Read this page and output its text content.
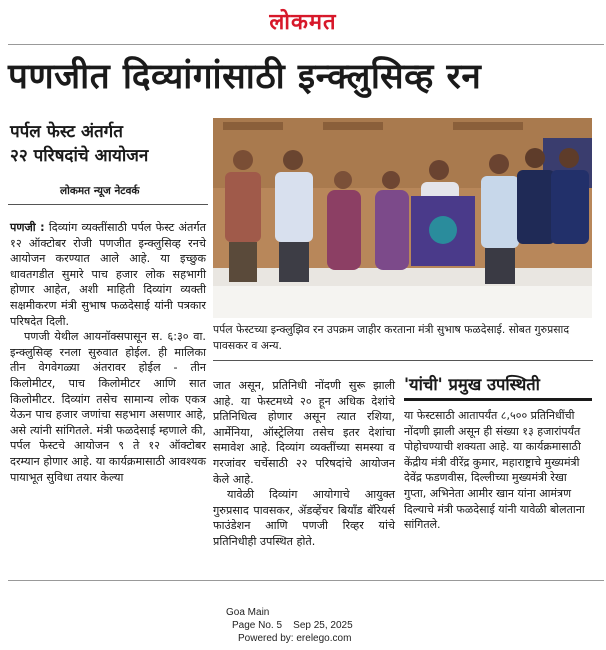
लोकमत
पणजीत दिव्यांगांसाठी इन्क्लुसिव्ह रन
पर्पल फेस्ट अंतर्गत
२२ परिषदांचे आयोजन
लोकमत न्यूज नेटवर्क

पणजी : दिव्यांग व्यक्तींसाठी पर्पल फेस्ट अंतर्गत १२ ऑक्टोबर रोजी पणजीत इन्क्लुसिव्ह रनचे आयोजन करण्यात आले आहे. या इच्छुक धावतगडीत सुमारे पाच हजार लोक सहभागी होणार आहेत, अशी माहिती दिव्यांग व्यक्ती सक्षमीकरण मंत्री सुभाष फळदेसाई यांनी पत्रकार परिषदेत दिली.

पणजी येथील आयनॉक्सपासून स. ६:३० वा. इन्क्लुसिव्ह रनला सुरुवात होईल. ही मालिका तीन वेगवेगळ्या अंतरावर होईल - तीन किलोमीटर, पाच किलोमीटर आणि सात किलोमीटर. दिव्यांग तसेच सामान्य लोक एकत्र येऊन पाच हजार जणांचा सहभाग असणार आहे, असे त्यांनी सांगितले. मंत्री फळदेसाई म्हणाले की, पर्पल फेस्टचे आयोजन ९ ते १२ ऑक्टोबर दरम्यान होणार आहे. या कार्यक्रमासाठी आवश्यक पायाभूत सुविधा तयार केल्या

पर्पल फेस्टच्या इन्क्लुझिव रन उपक्रम जाहीर करताना मंत्री सुभाष फळदेसाई. सोबत गुरुप्रसाद पावसकर व अन्य.

जात असून, प्रतिनिधी नोंदणी सुरू झाली आहे. या फेस्टमध्ये २० हून अधिक देशांचे प्रतिनिधित्व होणार असून त्यात रशिया, आर्मेनिया, ऑस्ट्रेलिया तसेच इतर देशांचा समावेश आहे. दिव्यांग व्यक्तींच्या समस्या व गरजांवर चर्चेसाठी २२ परिषदांचे आयोजन केले आहे.

यावेळी दिव्यांग आयोगाचे आयुक्त गुरुप्रसाद पावसकर, ॲडव्हेंचर बियॉंड बॅरियर्स फाउंडेशन आणि पणजी रिव्हर यांचे प्रतिनिधीही उपस्थित होते.

'यांची' प्रमुख उपस्थिती
या फेस्टसाठी आतापर्यंत ८,५०० प्रतिनिधींची नोंदणी झाली असून ही संख्या १३ हजारांपर्यंत पोहोचण्याची शक्यता आहे. या कार्यक्रमासाठी केंद्रीय मंत्री वीरेंद्र कुमार, महाराष्ट्राचे मुख्यमंत्री देवेंद्र फडणवीस, दिल्लीच्या मुख्यमंत्री रेखा गुप्ता, अभिनेता आमीर खान यांना आमंत्रण दिल्याचे मंत्री फळदेसाई यांनी यावेळी बोलताना सांगितले.
Goa Main
Page No. 5    Sep 25, 2025
Powered by: erelego.com
